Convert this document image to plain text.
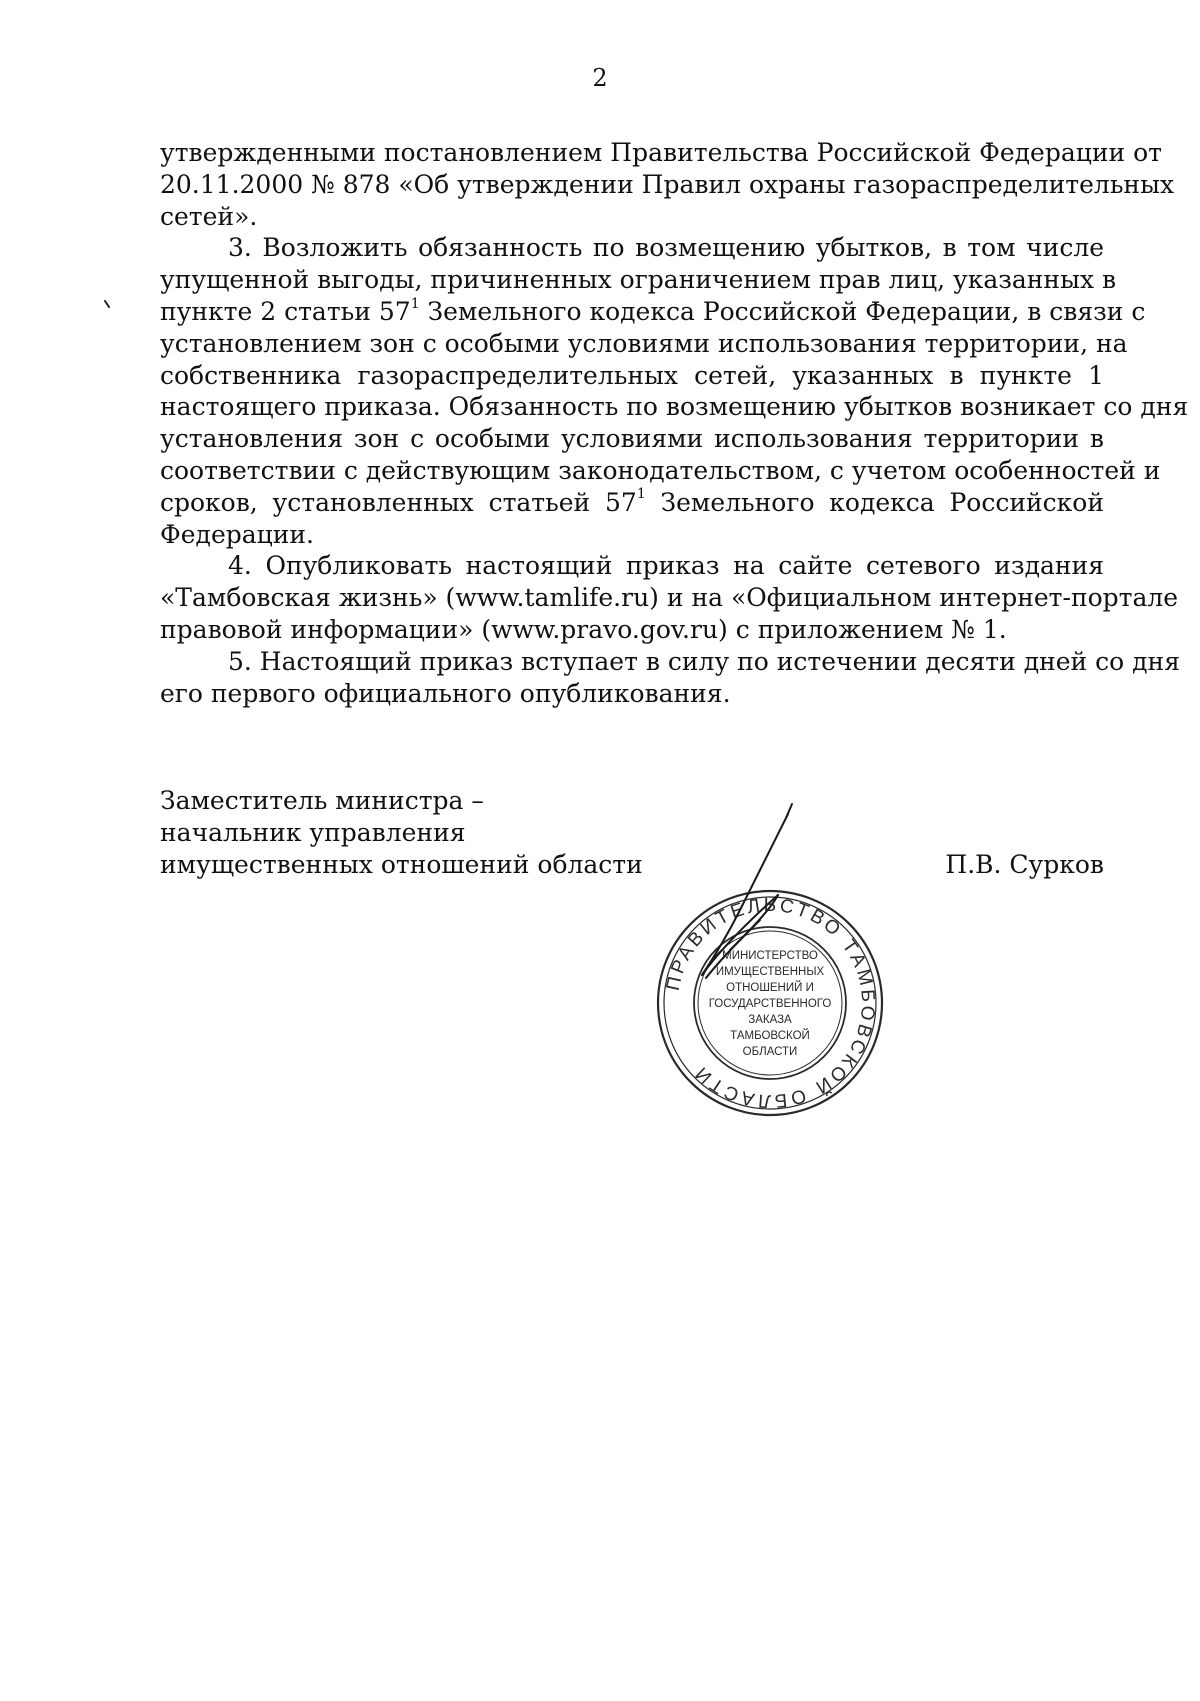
2

утвержденными постановлением Правительства Российской Федерации от
20.11.2000 № 878 «Об утверждении Правил охраны газораспределительных
сетей».

3. Возложить обязанность по возмещению убытков, в том числе
упущенной выгоды, причиненных ограничением прав лиц, указанных в
пункте 2 статьи $57^1$ Земельного кодекса Российской Федерации, в связи с
установлением зон с особыми условиями использования территории, на
собственника газораспределительных сетей, указанных в пункте 1
настоящего приказа. Обязанность по возмещению убытков возникает со дня
установления зон с особыми условиями использования территории в
соответствии с действующим законодательством, с учетом особенностей и
сроков, установленных статьей $57^1$ Земельного кодекса Российской
Федерации.

4. Опубликовать настоящий приказ на сайте сетевого издания
«Тамбовская жизнь» (www.tamlife.ru) и на «Официальном интернет-портале
правовой информации» (www.pravo.gov.ru) с приложением № 1.

5. Настоящий приказ вступает в силу по истечении десяти дней со дня
его первого официального опубликования.

Заместитель министра –
начальник управления
имущественных отношений области	П.В. Сурков
ПРАВИТЕЛЬСТВО ТАМБОВСКОЙ ОБЛАСТИ
МИНИСТЕРСТВО
ИМУЩЕСТВЕННЫХ
ОТНОШЕНИЙ И
ГОСУДАРСТВЕННОГО
ЗАКАЗА
ТАМБОВСКОЙ
ОБЛАСТИ
